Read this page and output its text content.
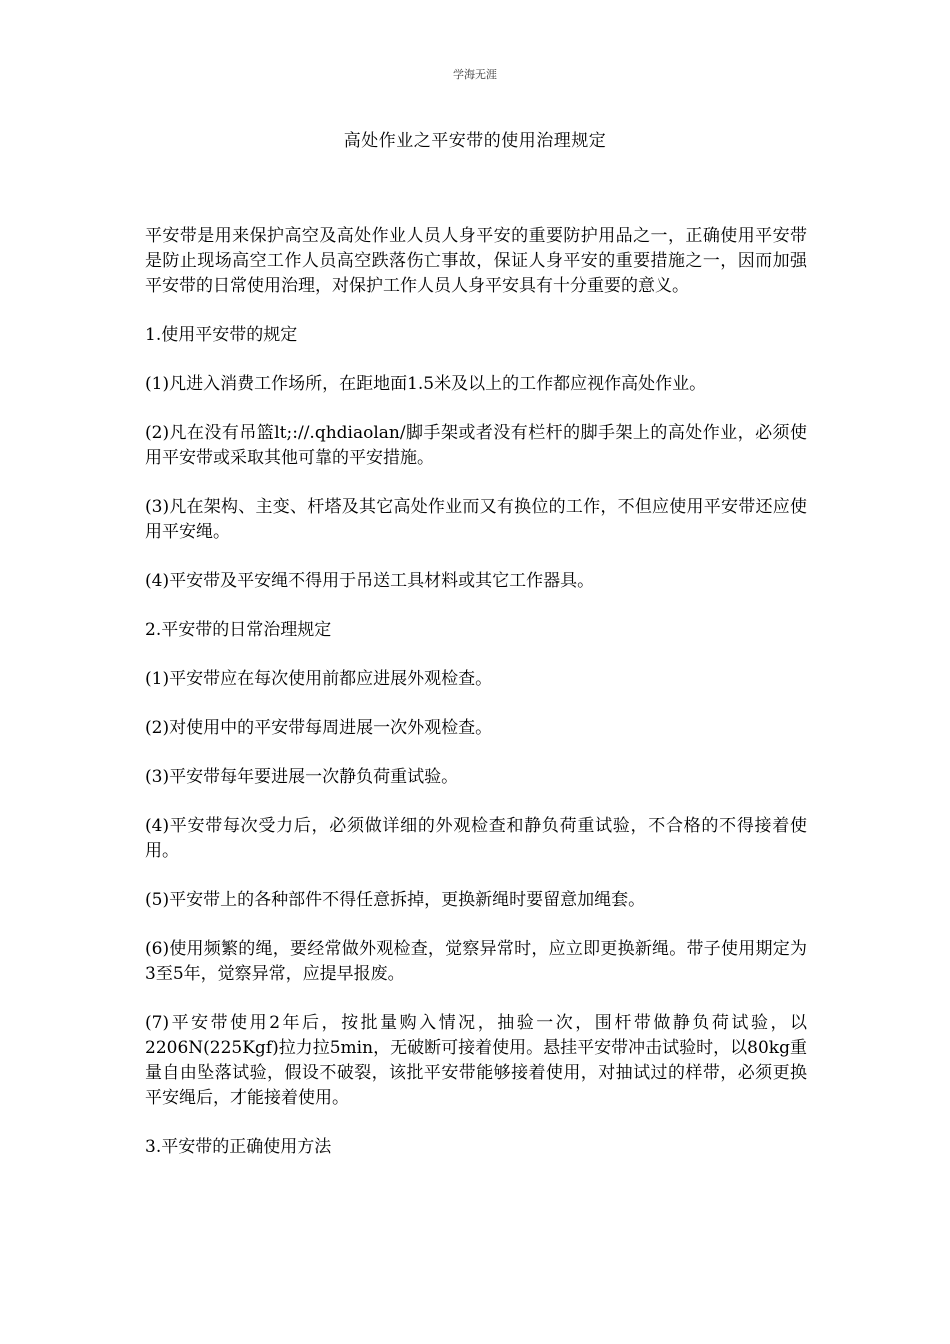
学海无涯
高处作业之平安带的使用治理规定

平安带是用来保护高空及高处作业人员人身平安的重要防护用品之一，正确使用平安带是防止现场高空工作人员高空跌落伤亡事故，保证人身平安的重要措施之一，因而加强平安带的日常使用治理，对保护工作人员人身平安具有十分重要的意义。

1.使用平安带的规定

(1)凡进入消费工作场所，在距地面1.5米及以上的工作都应视作高处作业。

(2)凡在没有吊篮lt;://.qhdiaolan/脚手架或者没有栏杆的脚手架上的高处作业，必须使用平安带或采取其他可靠的平安措施。

(3)凡在架构、主变、杆塔及其它高处作业而又有换位的工作，不但应使用平安带还应使用平安绳。

(4)平安带及平安绳不得用于吊送工具材料或其它工作器具。

2.平安带的日常治理规定

(1)平安带应在每次使用前都应进展外观检查。

(2)对使用中的平安带每周进展一次外观检查。

(3)平安带每年要进展一次静负荷重试验。

(4)平安带每次受力后，必须做详细的外观检查和静负荷重试验，不合格的不得接着使用。

(5)平安带上的各种部件不得任意拆掉，更换新绳时要留意加绳套。

(6)使用频繁的绳，要经常做外观检查，觉察异常时，应立即更换新绳。带子使用期定为3至5年，觉察异常，应提早报废。

(7)平安带使用2年后，按批量购入情况，抽验一次，围杆带做静负荷试验，以2206N(225Kgf)拉力拉5min，无破断可接着使用。悬挂平安带冲击试验时，以80kg重量自由坠落试验，假设不破裂，该批平安带能够接着使用，对抽试过的样带，必须更换平安绳后，才能接着使用。

3.平安带的正确使用方法
